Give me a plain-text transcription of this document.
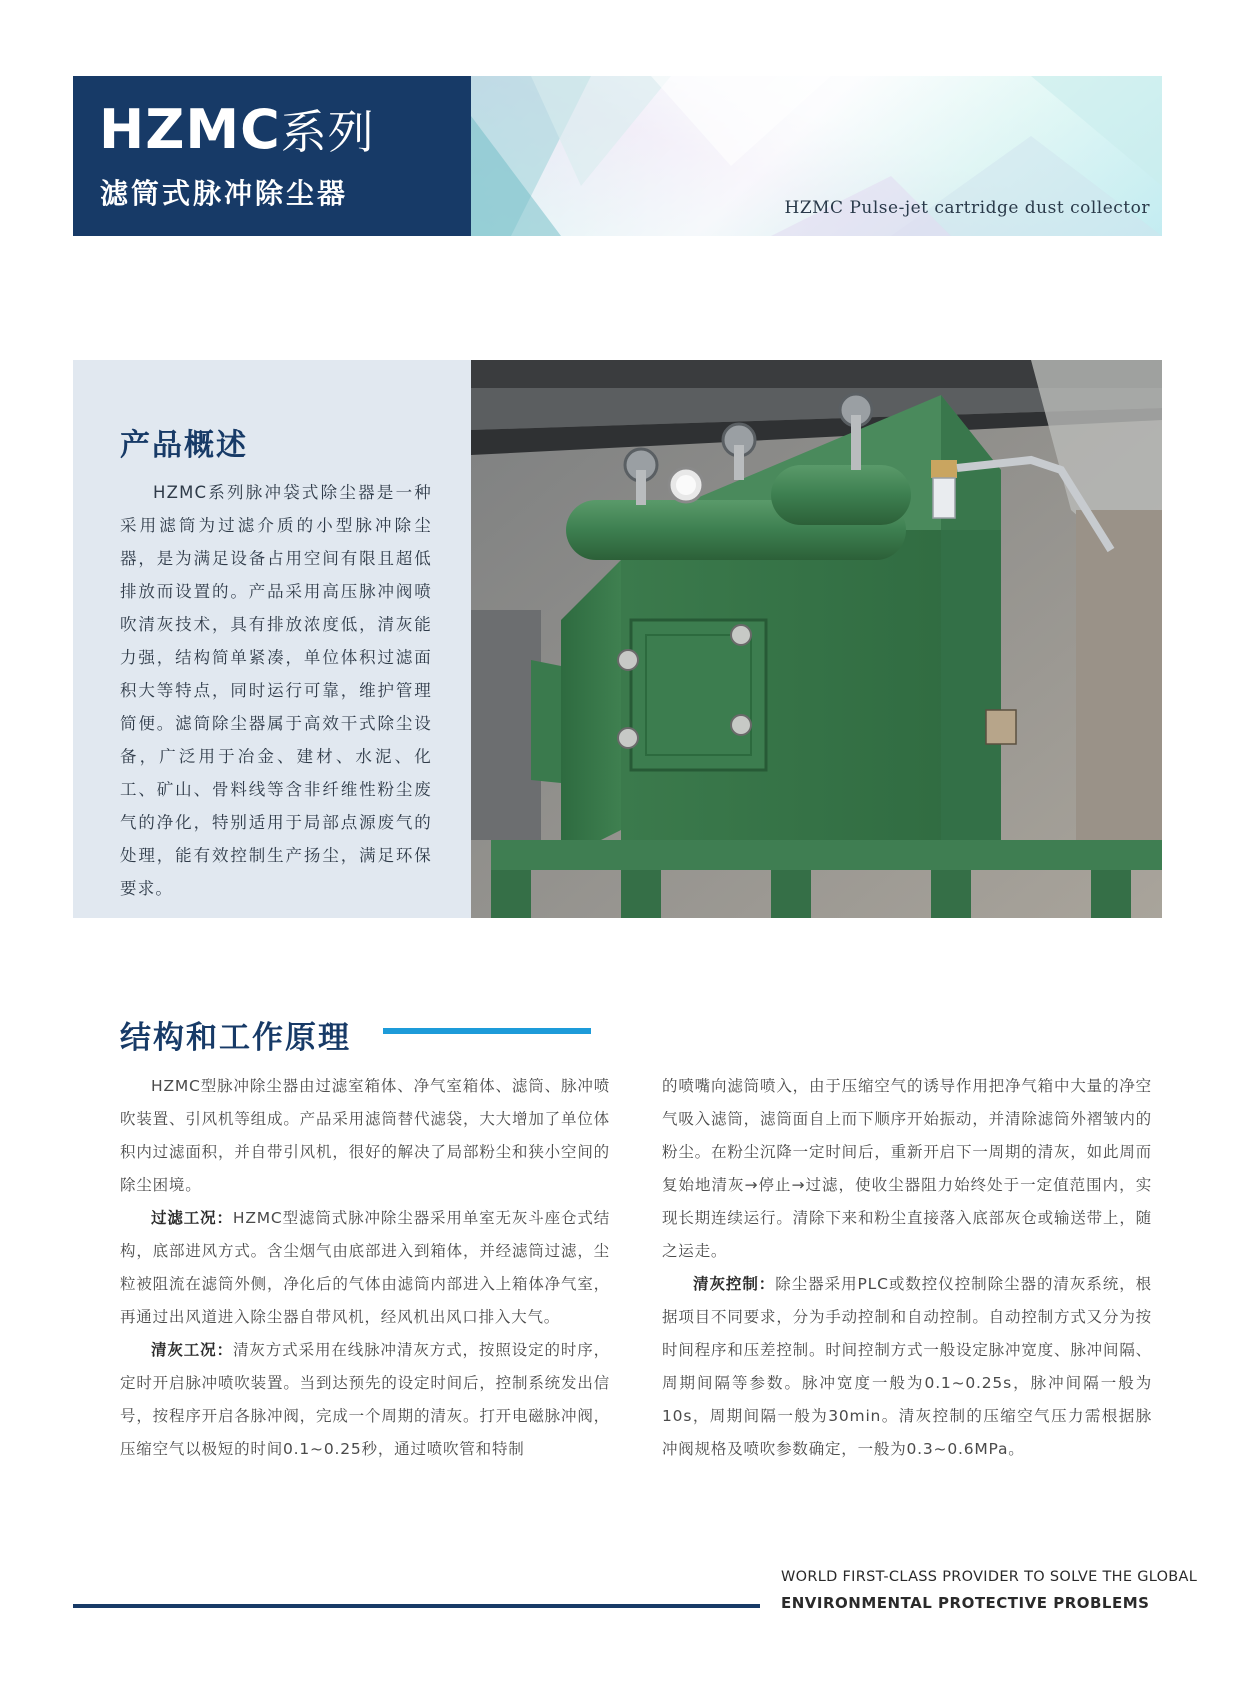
HZMC系列

滤筒式脉冲除尘器	HZMC Pulse-jet cartridge dust collector

产品概述

HZMC系列脉冲袋式除尘器是一种采用滤筒为过滤介质的小型脉冲除尘器，是为满足设备占用空间有限且超低排放而设置的。产品采用高压脉冲阀喷吹清灰技术，具有排放浓度低，清灰能力强，结构简单紧凑，单位体积过滤面积大等特点，同时运行可靠，维护管理简便。滤筒除尘器属于高效干式除尘设备，广泛用于冶金、建材、水泥、化工、矿山、骨料线等含非纤维性粉尘废气的净化，特别适用于局部点源废气的处理，能有效控制生产扬尘，满足环保要求。

结构和工作原理

HZMC型脉冲除尘器由过滤室箱体、净气室箱体、滤筒、脉冲喷吹装置、引风机等组成。产品采用滤筒替代滤袋，大大增加了单位体积内过滤面积，并自带引风机，很好的解决了局部粉尘和狭小空间的除尘困境。

过滤工况：HZMC型滤筒式脉冲除尘器采用单室无灰斗座仓式结构，底部进风方式。含尘烟气由底部进入到箱体，并经滤筒过滤，尘粒被阻流在滤筒外侧，净化后的气体由滤筒内部进入上箱体净气室，再通过出风道进入除尘器自带风机，经风机出风口排入大气。

清灰工况：清灰方式采用在线脉冲清灰方式，按照设定的时序，定时开启脉冲喷吹装置。当到达预先的设定时间后，控制系统发出信号，按程序开启各脉冲阀，完成一个周期的清灰。打开电磁脉冲阀，压缩空气以极短的时间0.1~0.25秒，通过喷吹管和特制

的喷嘴向滤筒喷入，由于压缩空气的诱导作用把净气箱中大量的净空气吸入滤筒，滤筒面自上而下顺序开始振动，并清除滤筒外褶皱内的粉尘。在粉尘沉降一定时间后，重新开启下一周期的清灰，如此周而复始地清灰→停止→过滤，使收尘器阻力始终处于一定值范围内，实现长期连续运行。清除下来和粉尘直接落入底部灰仓或输送带上，随之运走。

清灰控制：除尘器采用PLC或数控仪控制除尘器的清灰系统，根据项目不同要求，分为手动控制和自动控制。自动控制方式又分为按时间程序和压差控制。时间控制方式一般设定脉冲宽度、脉冲间隔、周期间隔等参数。脉冲宽度一般为0.1~0.25s，脉冲间隔一般为10s，周期间隔一般为30min。清灰控制的压缩空气压力需根据脉冲阀规格及喷吹参数确定，一般为0.3~0.6MPa。

WORLD FIRST-CLASS PROVIDER TO SOLVE THE GLOBAL

ENVIRONMENTAL PROTECTIVE PROBLEMS
